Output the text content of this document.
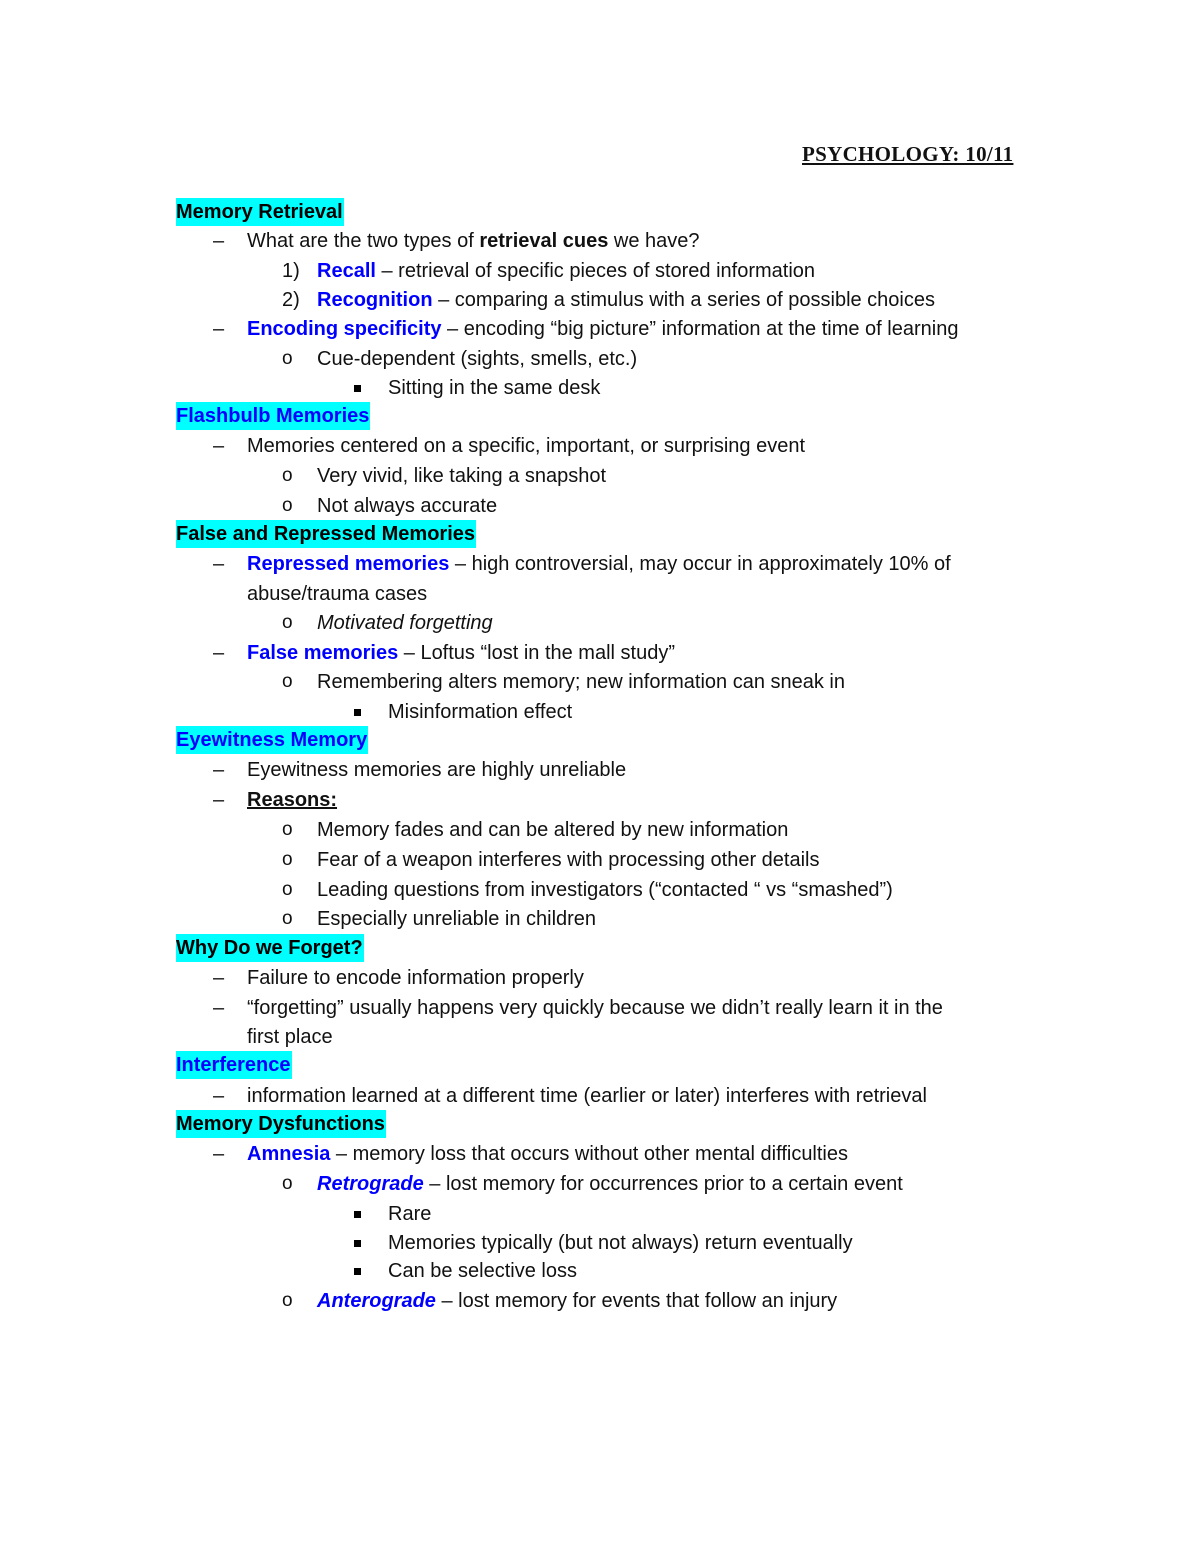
PSYCHOLOGY: 10/11
Memory Retrieval
– What are the two types of retrieval cues we have?
1) Recall – retrieval of specific pieces of stored information
2) Recognition – comparing a stimulus with a series of possible choices
– Encoding specificity – encoding “big picture” information at the time of learning
o Cue-dependent (sights, smells, etc.)
Sitting in the same desk
Flashbulb Memories
– Memories centered on a specific, important, or surprising event
o Very vivid, like taking a snapshot
o Not always accurate
False and Repressed Memories
– Repressed memories – high controversial, may occur in approximately 10% of
abuse/trauma cases
o Motivated forgetting
– False memories – Loftus “lost in the mall study”
o Remembering alters memory; new information can sneak in
Misinformation effect
Eyewitness Memory
– Eyewitness memories are highly unreliable
– Reasons:
o Memory fades and can be altered by new information
o Fear of a weapon interferes with processing other details
o Leading questions from investigators (“contacted “ vs “smashed”)
o Especially unreliable in children
Why Do we Forget?
– Failure to encode information properly
– “forgetting” usually happens very quickly because we didn’t really learn it in the
first place
Interference
– information learned at a different time (earlier or later) interferes with retrieval
Memory Dysfunctions
– Amnesia – memory loss that occurs without other mental difficulties
o Retrograde – lost memory for occurrences prior to a certain event
Rare
Memories typically (but not always) return eventually
Can be selective loss
o Anterograde – lost memory for events that follow an injury
